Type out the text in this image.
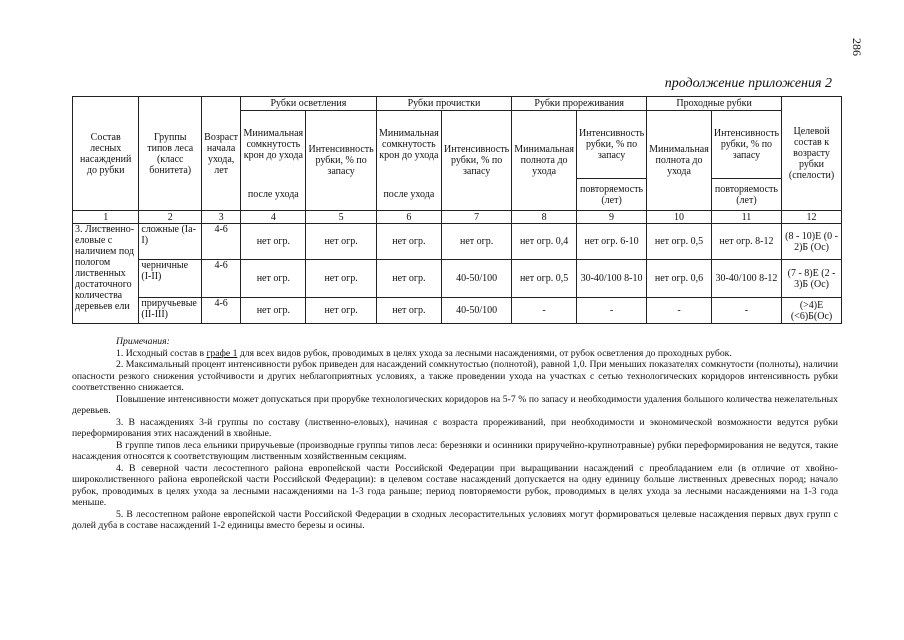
286
продолжение приложения 2
Состав лесных насаждений до рубки	Группы типов леса (класс бонитета)	Возраст начала ухода, лет	Рубки осветления		Рубки прочистки		Рубки прореживания		Проходные рубки		Целевой состав к возрасту рубки (спелости)
			Минимальная сомкнутость крон до ухода	Интенсивность рубки, % по запасу	Минимальная сомкнутость крон до ухода	Интенсивность рубки, % по запасу	Минимальная полнота до ухода	Интенсивность рубки, % по запасу	Минимальная полнота до ухода	Интенсивность рубки, % по запасу	
			после ухода		после ухода			повторяемость (лет)		повторяемость (лет)	
1	2	3	4	5	6	7	8	9	10	11	12
3. Лиственно-еловые с наличием под пологом лиственных достаточного количества деревьев ели	сложные (Ia-I)	4-6	нет огр.	нет огр.	нет огр.	нет огр.	нет огр. 0,4	нет огр. 6-10	нет огр. 0,5	нет огр. 8-12	(8 - 10)Е (0 - 2)Б (Ос)
	черничные (I-II)	4-6	нет огр.	нет огр.	нет огр.	40-50/100	нет огр. 0,5	30-40/100 8-10	нет огр. 0,6	30-40/100 8-12	(7 - 8)Е (2 - 3)Б (Ос)
	приручьевые (II-III)	4-6	нет огр.	нет огр.	нет огр.	40-50/100	-	-	-	-	(>4)Е (<6)Б(Ос)

Примечания:

1. Исходный состав в графе 1 для всех видов рубок, проводимых в целях ухода за лесными насаждениями, от рубок осветления до проходных рубок.

2. Максимальный процент интенсивности рубок приведен для насаждений сомкнутостью (полнотой), равной 1,0. При меньших показателях сомкнутости (полноты), наличии опасности резкого снижения устойчивости и других неблагоприятных условиях, а также проведении ухода на участках с сетью технологических коридоров интенсивность рубки соответственно снижается.

Повышение интенсивности может допускаться при прорубке технологических коридоров на 5-7 % по запасу и необходимости удаления большого количества нежелательных деревьев.

3. В насаждениях 3-й группы по составу (лиственно-еловых), начиная с возраста прореживаний, при необходимости и экономической возможности ведутся рубки переформирования этих насаждений в хвойные.

В группе типов леса ельники приручьевые (производные группы типов леса: березняки и осинники приручейно-крупнотравные) рубки переформирования не ведутся, такие насаждения относятся к соответствующим лиственным хозяйственным секциям.

4. В северной части лесостепного района европейской части Российской Федерации при выращивании насаждений с преобладанием ели (в отличие от хвойно-широколиственного района европейской части Российской Федерации): в целевом составе насаждений допускается на одну единицу больше лиственных древесных пород; начало рубок, проводимых в целях ухода за лесными насаждениями на 1-3 года раньше; период повторяемости рубок, проводимых в целях ухода за лесными насаждениями на 1-3 года меньше.

5. В лесостепном районе европейской части Российской Федерации в сходных лесорастительных условиях могут формироваться целевые насаждения первых двух групп с долей дуба в составе насаждений 1-2 единицы вместо березы и осины.
